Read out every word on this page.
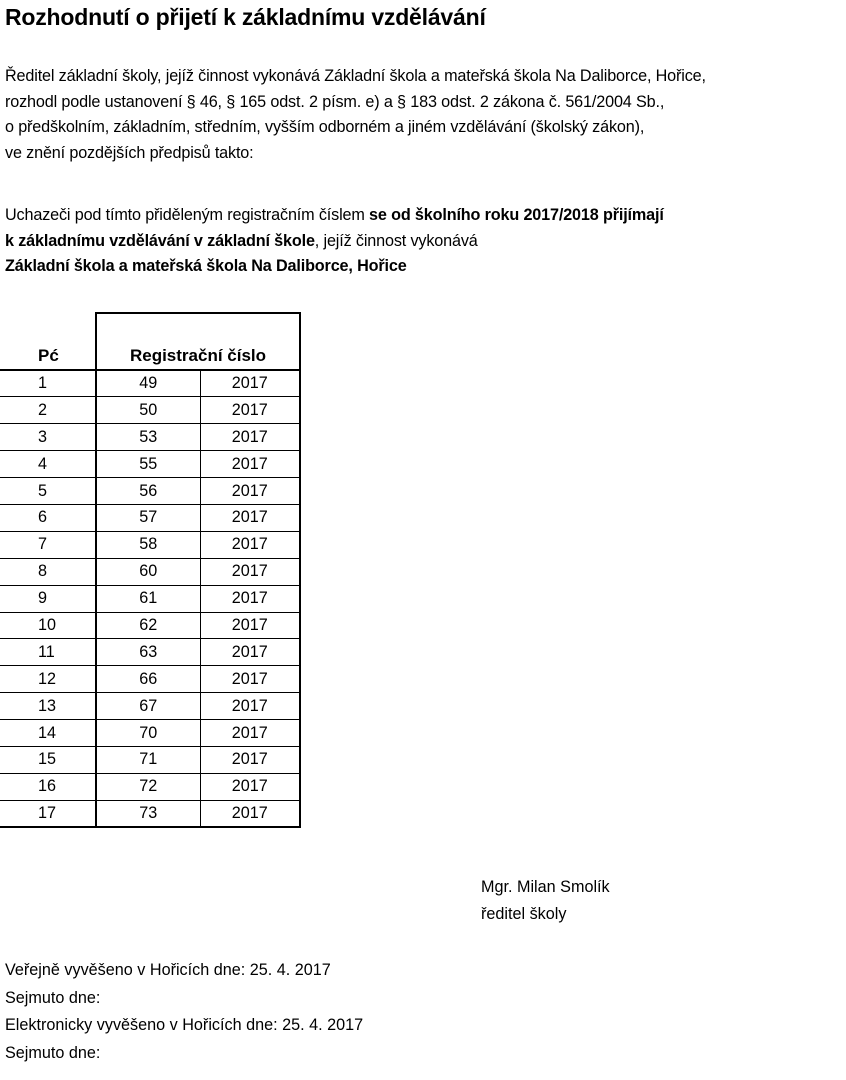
Rozhodnutí o přijetí k základnímu vzdělávání

Ředitel základní školy, jejíž činnost vykonává Základní škola a mateřská škola Na Daliborce, Hořice,
rozhodl podle ustanovení § 46, § 165 odst. 2 písm. e) a § 183 odst. 2 zákona č. 561/2004 Sb.,
o předškolním, základním, středním, vyšším odborném a jiném vzdělávání (školský zákon),
ve znění pozdějších předpisů takto:

Uchazeči pod tímto přiděleným registračním číslem se od školního roku 2017/2018 přijímají
k základnímu vzdělávání v základní škole, jejíž činnost vykonává
Základní škola a mateřská škola Na Daliborce, Hořice

Pć	Registrační číslo	
1	49	2017
2	50	2017
3	53	2017
4	55	2017
5	56	2017
6	57	2017
7	58	2017
8	60	2017
9	61	2017
10	62	2017
11	63	2017
12	66	2017
13	67	2017
14	70	2017
15	71	2017
16	72	2017
17	73	2017

Mgr. Milan Smolík
ředitel školy

Veřejně vyvěšeno v Hořicích dne: 25. 4. 2017
Sejmuto dne:
Elektronicky vyvěšeno v Hořicích dne: 25. 4. 2017
Sejmuto dne:
